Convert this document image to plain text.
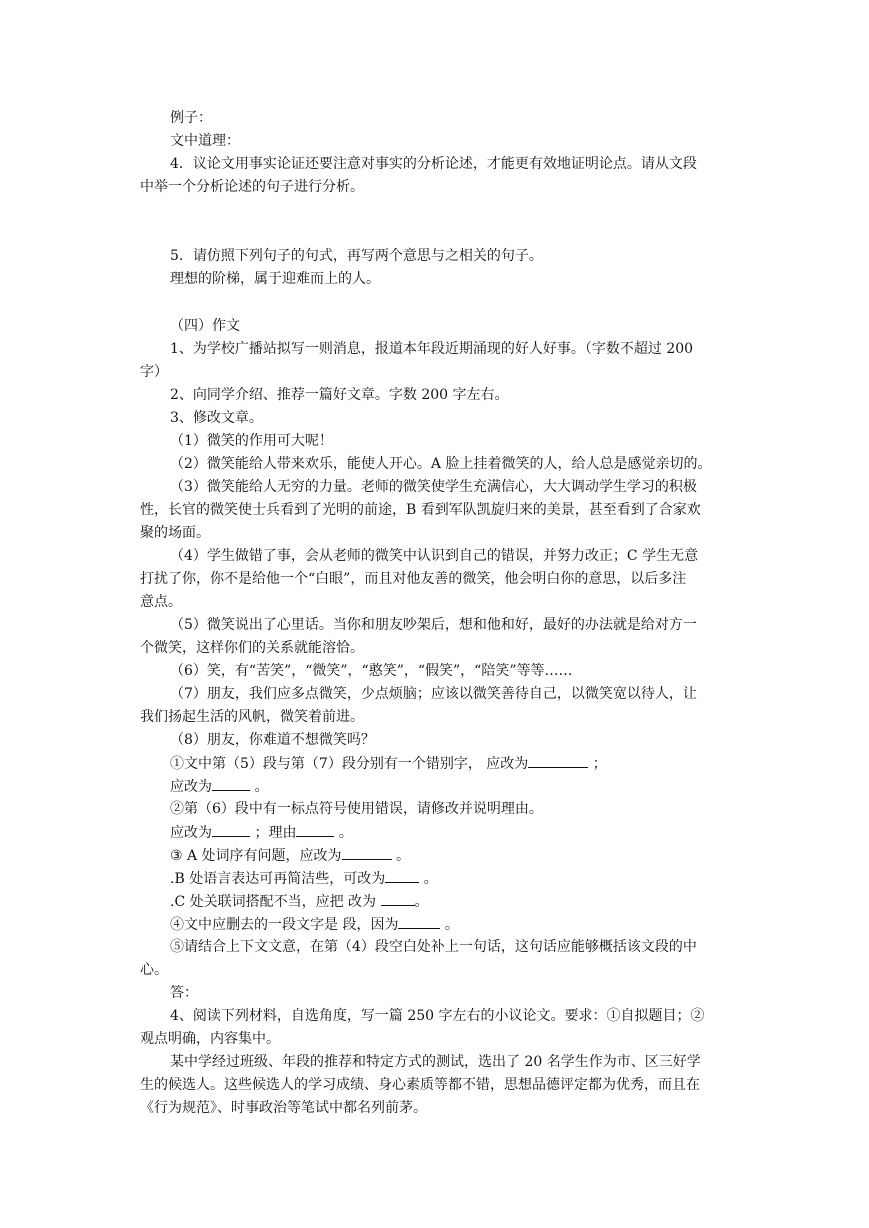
例子：
文中道理：
4．议论文用事实论证还要注意对事实的分析论述，才能更有效地证明论点。请从文段
中举一个分析论述的句子进行分析。
5．请仿照下列句子的句式，再写两个意思与之相关的句子。
理想的阶梯，属于迎难而上的人。
（四）作文
1、为学校广播站拟写一则消息，报道本年段近期涌现的好人好事。（字数不超过 200
字）
2、向同学介绍、推荐一篇好文章。字数 200 字左右。
3、修改文章。
（1）微笑的作用可大呢！
（2）微笑能给人带来欢乐，能使人开心。A 脸上挂着微笑的人，给人总是感觉亲切的。
（3）微笑能给人无穷的力量。老师的微笑使学生充满信心，大大调动学生学习的积极
性，长官的微笑使士兵看到了光明的前途，B 看到军队凯旋归来的美景，甚至看到了合家欢
聚的场面。
（4）学生做错了事，会从老师的微笑中认识到自己的错误，并努力改正；C 学生无意
打扰了你，你不是给他一个“白眼”，而且对他友善的微笑，他会明白你的意思，以后多注
意点。
（5）微笑说出了心里话。当你和朋友吵架后，想和他和好，最好的办法就是给对方一
个微笑，这样你们的关系就能溶恰。
（6）笑，有“苦笑”，“微笑”，“憨笑”，“假笑”，“陪笑”等等……
（7）朋友，我们应多点微笑，少点烦脑；应该以微笑善待自己，以微笑宽以待人，让
我们扬起生活的风帆，微笑着前进。
（8）朋友，你难道不想微笑吗？
①文中第（5）段与第（7）段分别有一个错别字， 应改为	；
应改为	。
②第（6）段中有一标点符号使用错误，请修改并说明理由。
应改为	；理由	。
③ A 处词序有问题，应改为	。
.B 处语言表达可再简洁些，可改为 。
.C 处关联词搭配不当，应把 改为 。
④文中应删去的一段文字是 段，因为	。
⑤请结合上下文文意，在第（4）段空白处补上一句话，这句话应能够概括该文段的中
心。
答：
4、阅读下列材料，自选角度，写一篇 250 字左右的小议论文。要求：①自拟题目；②
观点明确，内容集中。
某中学经过班级、年段的推荐和特定方式的测试，选出了 20 名学生作为市、区三好学
生的候选人。这些候选人的学习成绩、身心素质等都不错，思想品德评定都为优秀，而且在
《行为规范》、时事政治等笔试中都名列前茅。
